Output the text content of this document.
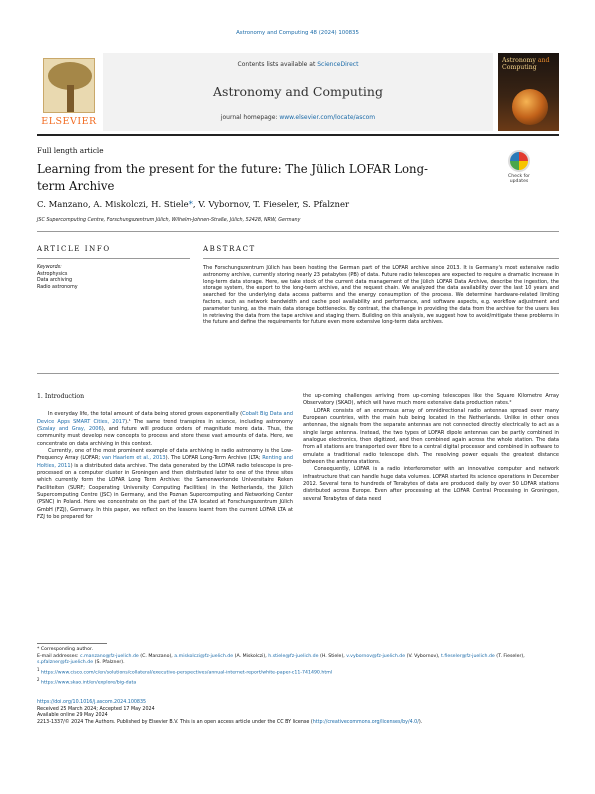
Astronomy and Computing 48 (2024) 100835
ELSEVIER
Contents lists available at ScienceDirect
Astronomy and Computing
journal homepage: www.elsevier.com/locate/ascom
Astronomy and
Computing
Full length article
Learning from the present for the future: The Jülich LOFAR Long-term Archive
Check for
updates
C. Manzano, A. Miskolczi, H. Stiele*, V. Vybornov, T. Fieseler, S. Pfalzner
JSC Supercomputing Centre, Forschungszentrum Jülich, Wilhelm-Johnen-Straße, Jülich, 52428, NRW, Germany
ARTICLE INFO	ABSTRACT
Keywords:
Astrophysics
Data archiving
Radio astronomy
The Forschungszentrum Jülich has been hosting the German part of the LOFAR archive since 2013. It is Germany's most extensive radio astronomy archive, currently storing nearly 23 petabytes (PB) of data. Future radio telescopes are expected to require a dramatic increase in long-term data storage. Here, we take stock of the current data management of the Jülich LOFAR Data Archive, describe the ingestion, the storage system, the export to the long-term archive, and the request chain. We analyzed the data availability over the last 10 years and searched for the underlying data access patterns and the energy consumption of the process. We determine hardware-related limiting factors, such as network bandwidth and cache pool availability and performance, and software aspects, e.g. workflow adjustment and parameter tuning, as the main data storage bottlenecks. By contrast, the challenge in providing the data from the archive for the users lies in retrieving the data from the tape archive and staging them. Building on this analysis, we suggest how to avoid/mitigate these problems in the future and define the requirements for future even more extensive long-term data archives.
1. Introduction

In everyday life, the total amount of data being stored grows exponentially (Cobalt Big Data and Device Apps SMART Cities, 2017).¹ The same trend transpires in science, including astronomy (Szalay and Gray, 2006), and future will produce orders of magnitude more data. Thus, the community must develop new concepts to process and store these vast amounts of data. Here, we concentrate on data archiving in this context.

Currently, one of the most prominent example of data archiving in radio astronomy is the Low-Frequency Array (LOFAR; van Haarlem et al., 2013). The LOFAR Long-Term Archive (LTA; Renting and Holties, 2011) is a distributed data archive. The data generated by the LOFAR radio telescope is pre-processed on a computer cluster in Groningen and then distributed later to one of the three sites which currently form the LOFAR Long Term Archive: the Samenwerkende Universitaire Reken Faciliteiten (SURF; Cooperating University Computing Facilities) in the Netherlands, the Jülich Supercomputing Centre (JSC) in Germany, and the Poznan Supercomputing and Networking Center (PSNC) in Poland. Here we concentrate on the part of the LTA located at Forschungszentrum Jülich GmbH (FZJ), Germany. In this paper, we reflect on the lessons learnt from the current LOFAR LTA at FZJ to be prepared for

the up-coming challenges arriving from up-coming telescopes like the Square Kilometre Array Observatory (SKAO), which will have much more extensive data production rates.²

LOFAR consists of an enormous array of omnidirectional radio antennas spread over many European countries, with the main hub being located in the Netherlands. Unlike in other ones antennas, the signals from the separate antennas are not connected directly electrically to act as a single large antenna. Instead, the two types of LOFAR dipole antennas can be partly combined in analogue electronics, then digitized, and then combined again across the whole station. The data from all stations are transported over fibre to a central digital processor and combined in software to emulate a traditional radio telescope dish. The resolving power equals the greatest distance between the antenna stations.

Consequently, LOFAR is a radio interferometer with an innovative computer and network infrastructure that can handle huge data volumes. LOFAR started its science operations in December 2012. Several tens to hundreds of Terabytes of data are produced daily by over 50 LOFAR stations distributed across Europe. Even after processing at the LOFAR Central Processing in Groningen, several Terabytes of data need

* Corresponding author.
E-mail addresses: c.manzano@fz-juelich.de (C. Manzano), a.miskolczi@fz-juelich.de (A. Miskolczi), h.stiele@fz-juelich.de (H. Stiele), v.vybornov@fz-juelich.de (V. Vybornov), t.fieseler@fz-juelich.de (T. Fieseler), s.pfalzner@fz-juelich.de (S. Pfalzner).
$^1$ https://www.cisco.com/c/en/solutions/collateral/executive-perspectives/annual-internet-report/white-paper-c11-741490.html
$^2$ https://www.skao.int/en/explore/big-data
https://doi.org/10.1016/j.ascom.2024.100835
Received 25 March 2024; Accepted 17 May 2024
Available online 29 May 2024
2213-1337/© 2024 The Authors. Published by Elsevier B.V. This is an open access article under the CC BY license (http://creativecommons.org/licenses/by/4.0/).
